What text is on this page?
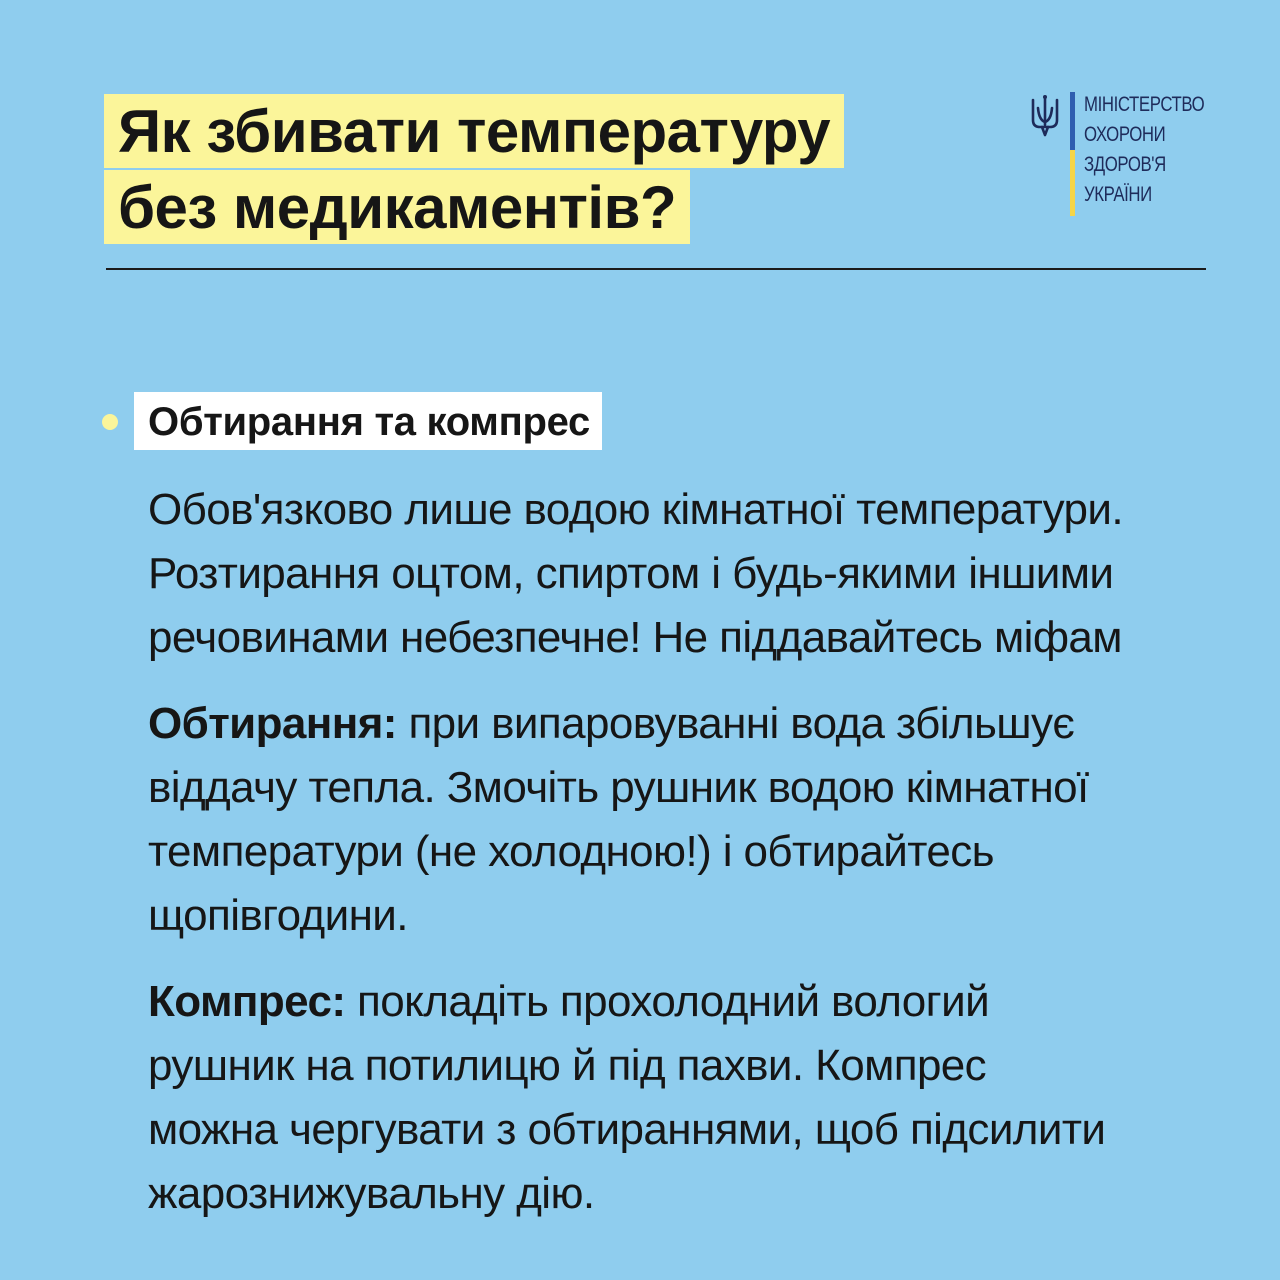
Як збивати температуру
без медикаментів?
МІНІСТЕРСТВО
ОХОРОНИ
ЗДОРОВ'Я
УКРАЇНИ
Обтирання та компрес
Обов'язково лише водою кімнатної температури.
Розтирання оцтом, спиртом і будь-якими іншими
речовинами небезпечне! Не піддавайтесь міфам
Обтирання: при випаровуванні вода збільшує
віддачу тепла. Змочіть рушник водою кімнатної
температури (не холодною!) і обтирайтесь
щопівгодини.
Компрес: покладіть прохолодний вологий
рушник на потилицю й під пахви. Компрес
можна чергувати з обтираннями, щоб підсилити
жарознижувальну дію.
